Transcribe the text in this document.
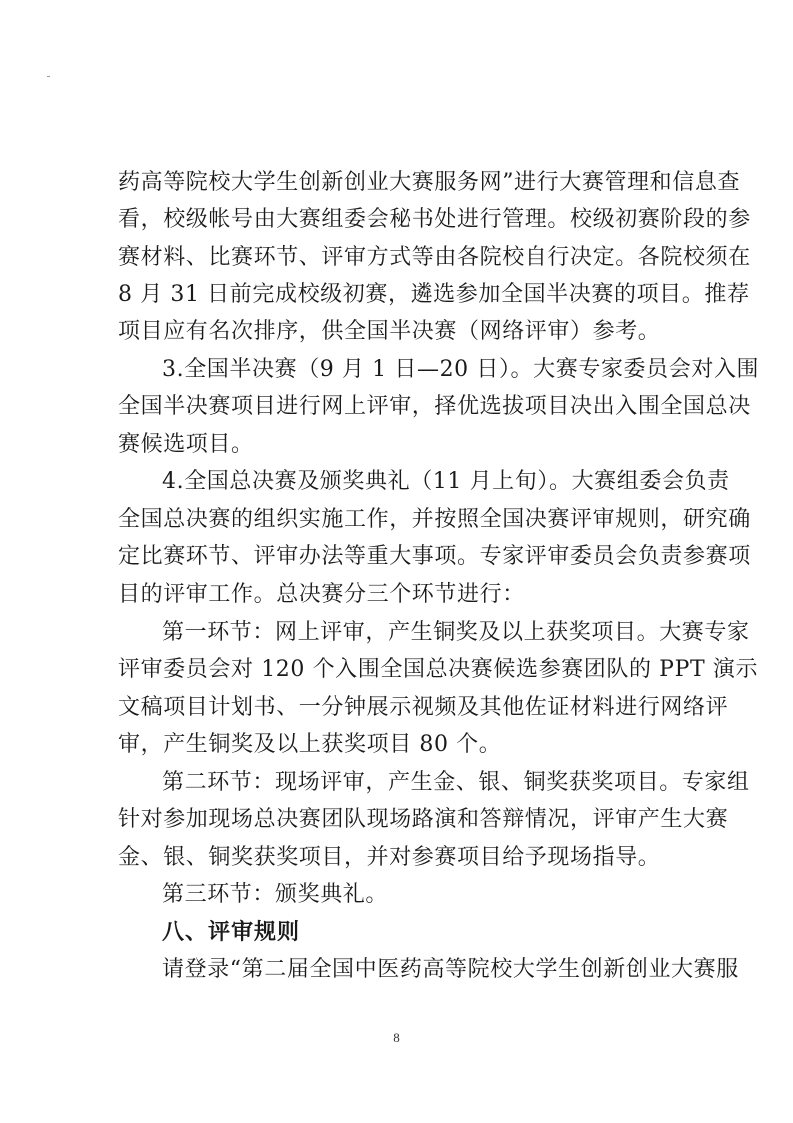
药高等院校大学生创新创业大赛服务网”进行大赛管理和信息查
看，校级帐号由大赛组委会秘书处进行管理。校级初赛阶段的参
赛材料、比赛环节、评审方式等由各院校自行决定。各院校须在
8 月 31 日前完成校级初赛，遴选参加全国半决赛的项目。推荐
项目应有名次排序，供全国半决赛（网络评审）参考。
3.全国半决赛（9 月 1 日—20 日）。大赛专家委员会对入围
全国半决赛项目进行网上评审，择优选拔项目决出入围全国总决
赛候选项目。
4.全国总决赛及颁奖典礼（11 月上旬）。大赛组委会负责
全国总决赛的组织实施工作，并按照全国决赛评审规则，研究确
定比赛环节、评审办法等重大事项。专家评审委员会负责参赛项
目的评审工作。总决赛分三个环节进行：
第一环节：网上评审，产生铜奖及以上获奖项目。大赛专家
评审委员会对 120 个入围全国总决赛候选参赛团队的 PPT 演示
文稿项目计划书、一分钟展示视频及其他佐证材料进行网络评
审，产生铜奖及以上获奖项目 80 个。
第二环节：现场评审，产生金、银、铜奖获奖项目。专家组
针对参加现场总决赛团队现场路演和答辩情况，评审产生大赛
金、银、铜奖获奖项目，并对参赛项目给予现场指导。
第三环节：颁奖典礼。
八、评审规则
请登录“第二届全国中医药高等院校大学生创新创业大赛服
8
